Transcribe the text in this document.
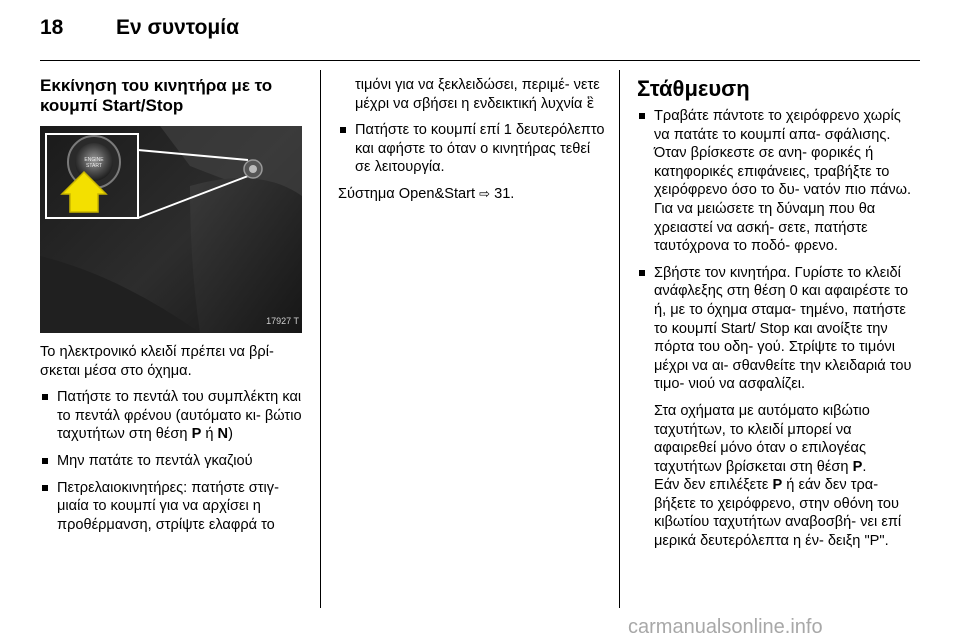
18	Εν συντομία
Εκκίνηση του κινητήρα με το κουμπί Start/Stop
ENGINE
START
17927 T

Το ηλεκτρονικό κλειδί πρέπει να βρί- σκεται μέσα στο όχημα.

Πατήστε το πεντάλ του συμπλέκτη και το πεντάλ φρένου (αυτόματο κι- βώτιο ταχυτήτων στη θέση P ή N)
Μην πατάτε το πεντάλ γκαζιού
Πετρελαιοκινητήρες: πατήστε στιγ- μιαία το κουμπί για να αρχίσει η προθέρμανση, στρίψτε ελαφρά το
τιμόνι για να ξεκλειδώσει, περιμέ- νετε μέχρι να σβήσει η ενδεικτική λυχνία ἓ
Πατήστε το κουμπί επί 1 δευτερόλεπτο και αφήστε το όταν ο κινητήρας τεθεί σε λειτουργία.

Σύστημα Open&Start ⇨ 31.

Στάθμευση
Τραβάτε πάντοτε το χειρόφρενο χωρίς να πατάτε το κουμπί απα- σφάλισης. Όταν βρίσκεστε σε ανη- φορικές ή κατηφορικές επιφάνειες, τραβήξτε το χειρόφρενο όσο το δυ- νατόν πιο πάνω. Για να μειώσετε τη δύναμη που θα χρειαστεί να ασκή- σετε, πατήστε ταυτόχρονα το ποδό- φρενο.
Σβήστε τον κινητήρα. Γυρίστε το κλειδί ανάφλεξης στη θέση 0 και αφαιρέστε το ή, με το όχημα σταμα- τημένο, πατήστε το κουμπί Start/ Stop και ανοίξτε την πόρτα του οδη- γού. Στρίψτε το τιμόνι μέχρι να αι- σθανθείτε την κλειδαριά του τιμο- νιού να ασφαλίζει.
Στα οχήματα με αυτόματο κιβώτιο ταχυτήτων, το κλειδί μπορεί να αφαιρεθεί μόνο όταν ο επιλογέας ταχυτήτων βρίσκεται στη θέση P.
Εάν δεν επιλέξετε P ή εάν δεν τρα- βήξετε το χειρόφρενο, στην οθόνη του κιβωτίου ταχυτήτων αναβοσβή- νει επί μερικά δευτερόλεπτα η έν- δειξη "P".
carmanualsonline.info
